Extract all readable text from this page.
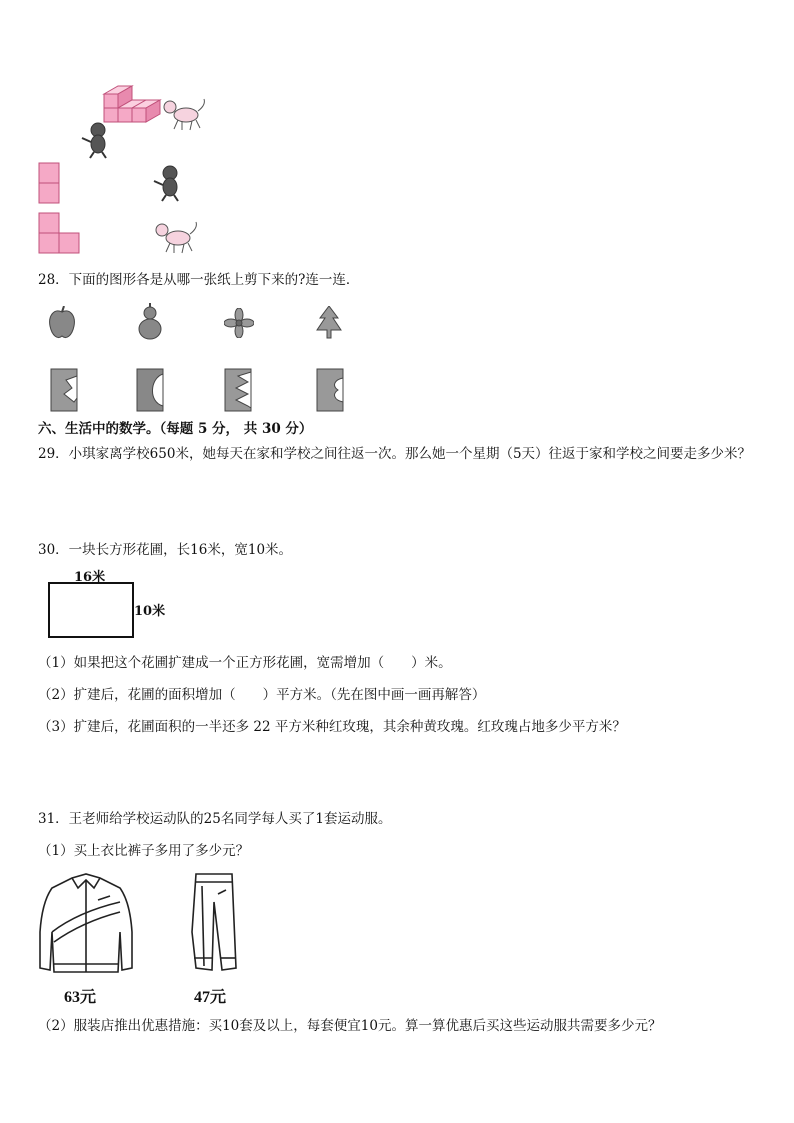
28．下面的图形各是从哪一张纸上剪下来的?连一连．
六、生活中的数学。（每题 5 分， 共 30 分）
29．小琪家离学校650米，她每天在家和学校之间往返一次。那么她一个星期（5天）往返于家和学校之间要走多少米？
30．一块长方形花圃，长16米，宽10米。
16米
10米
（1）如果把这个花圃扩建成一个正方形花圃，宽需增加（　　）米。
（2）扩建后，花圃的面积增加（　　）平方米。（先在图中画一画再解答）
（3）扩建后，花圃面积的一半还多 22 平方米种红玫瑰，其余种黄玫瑰。红玫瑰占地多少平方米？
31．王老师给学校运动队的25名同学每人买了1套运动服。
（1）买上衣比裤子多用了多少元？
63元	47元
（2）服装店推出优惠措施：买10套及以上，每套便宜10元。算一算优惠后买这些运动服共需要多少元？
